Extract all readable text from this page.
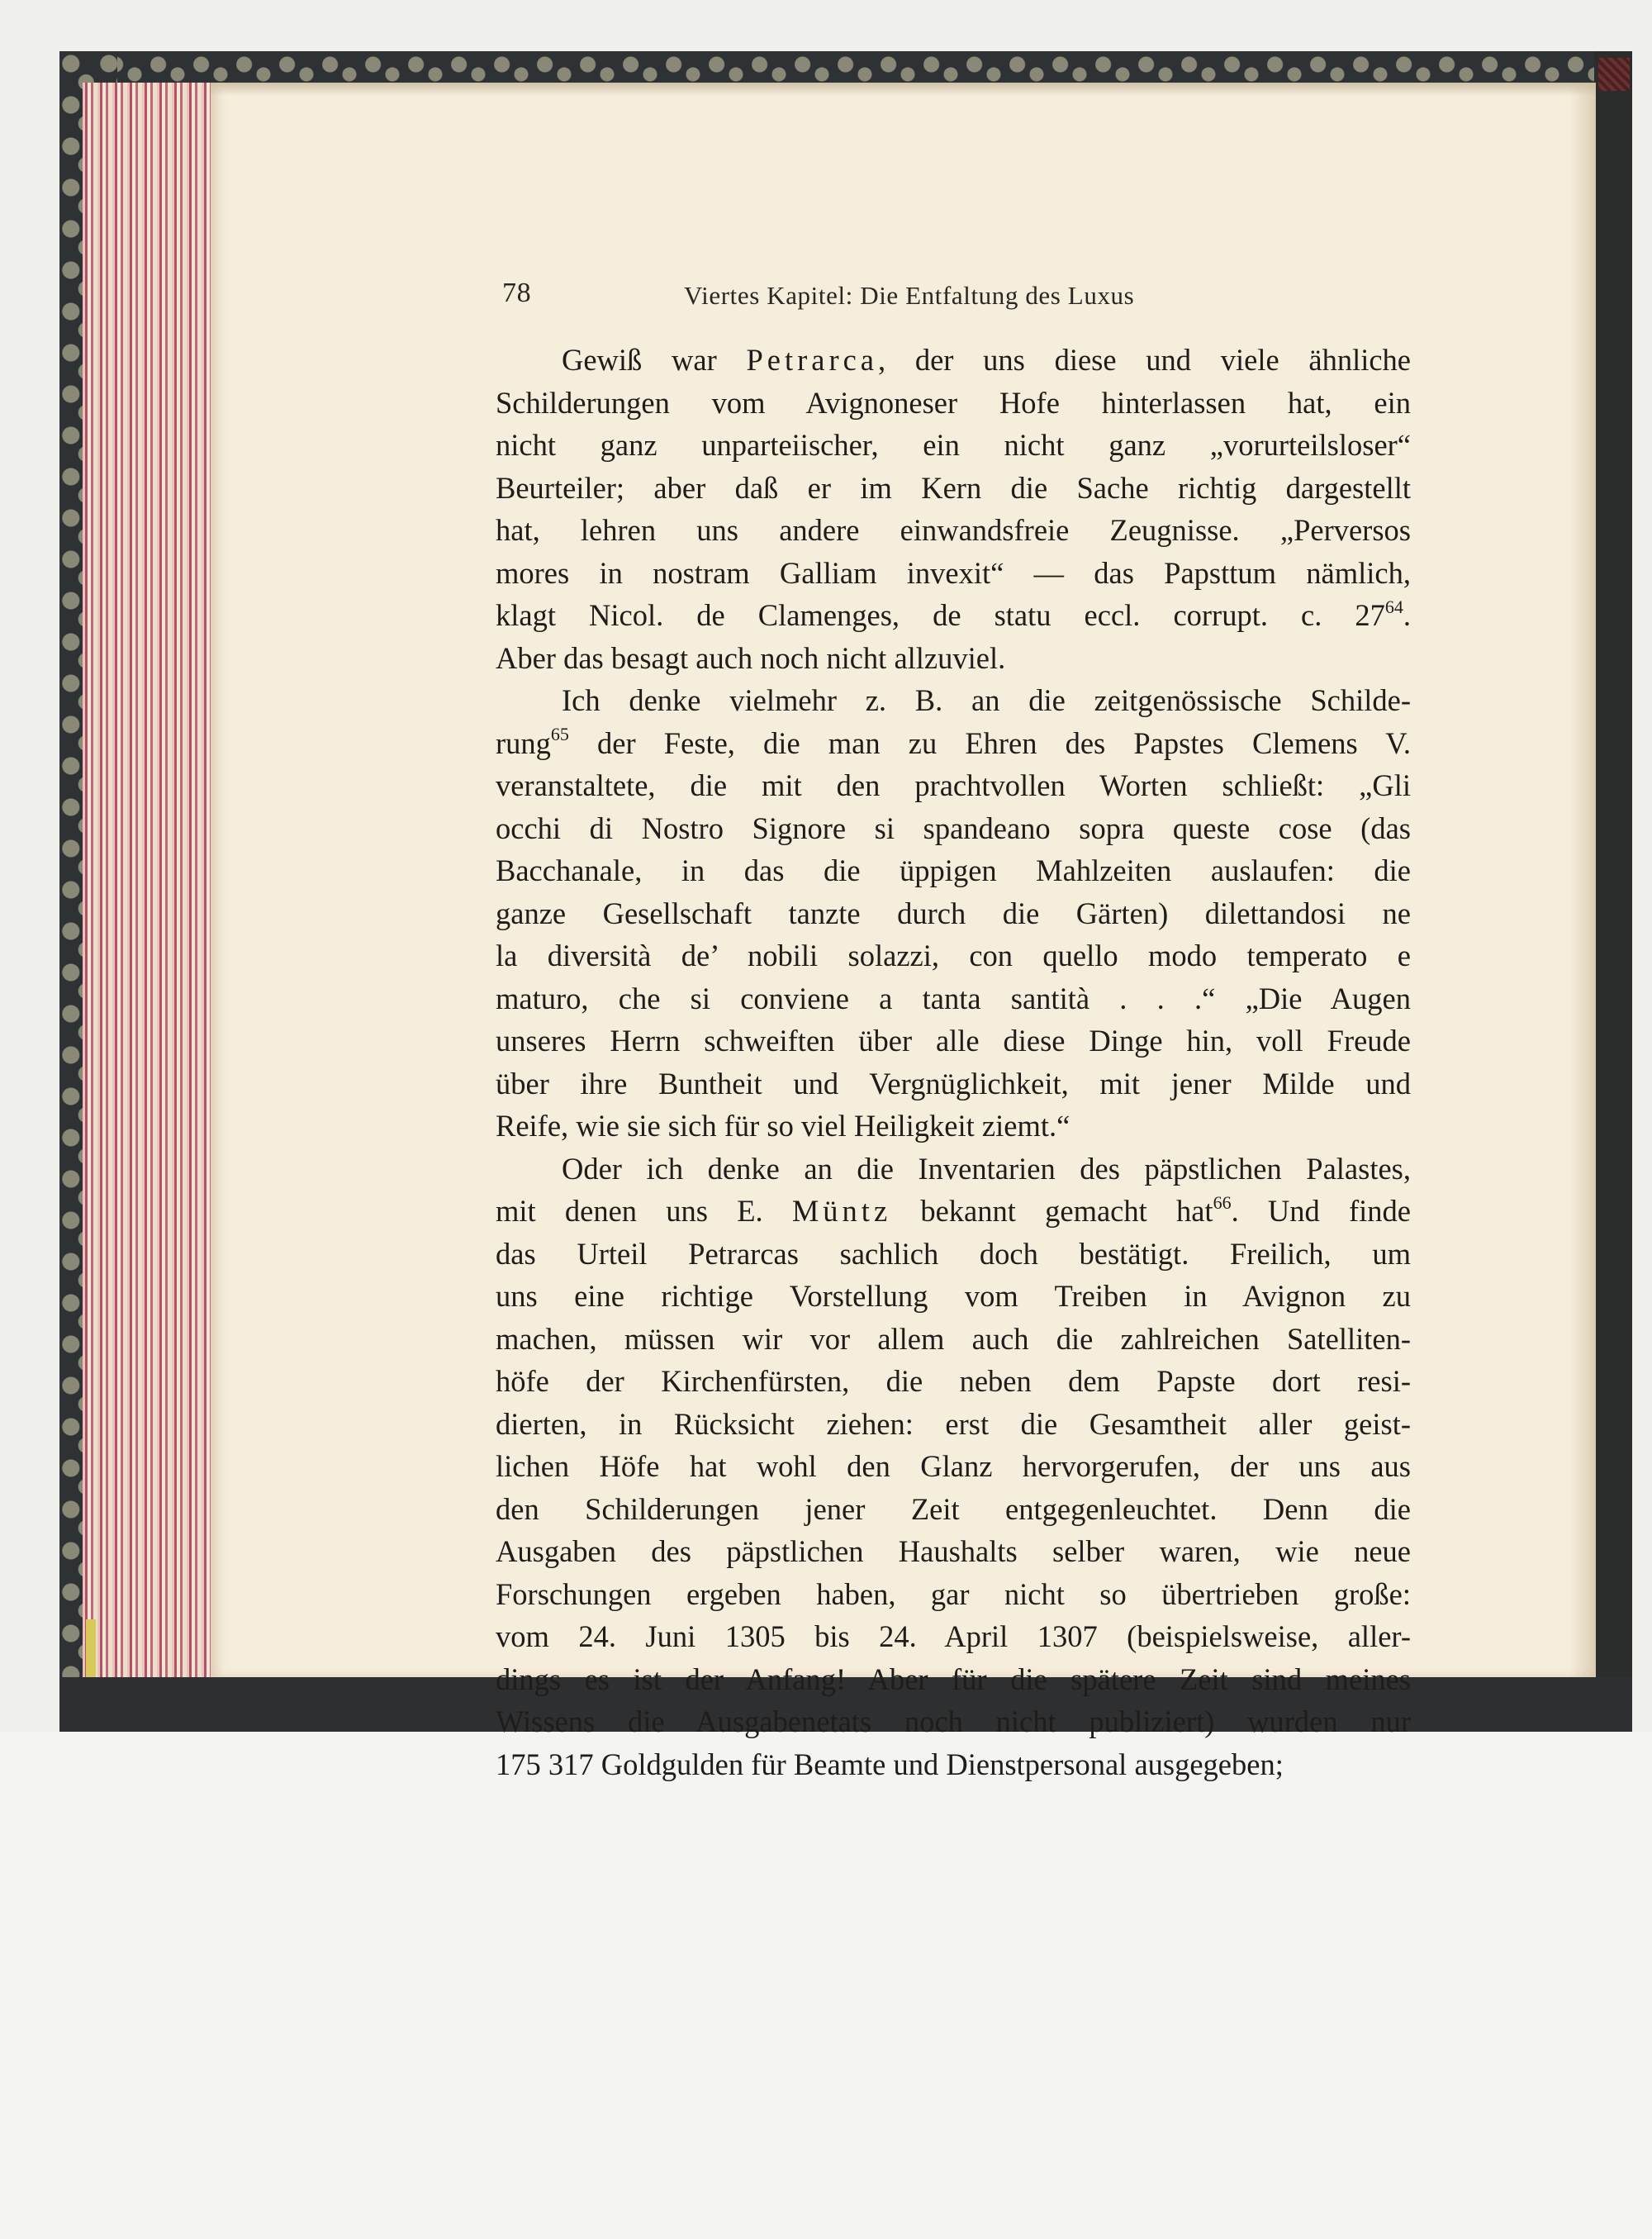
78	Viertes Kapitel: Die Entfaltung des Luxus
Gewiß war Petrarca, der uns diese und viele ähnliche
Schilderungen vom Avignoneser Hofe hinterlassen hat, ein
nicht ganz unparteiischer, ein nicht ganz „vorurteilsloser“
Beurteiler; aber daß er im Kern die Sache richtig dargestellt
hat, lehren uns andere einwandsfreie Zeugnisse. „Perversos
mores in nostram Galliam invexit“ — das Papsttum nämlich,
klagt Nicol. de Clamenges, de statu eccl. corrupt. c. $27^{64}$.
Aber das besagt auch noch nicht allzuviel.
Ich denke vielmehr z. B. an die zeitgenössische Schilde-
rung$^{65}$ der Feste, die man zu Ehren des Papstes Clemens V.
veranstaltete, die mit den prachtvollen Worten schließt: „Gli
occhi di Nostro Signore si spandeano sopra queste cose (das
Bacchanale, in das die üppigen Mahlzeiten auslaufen: die
ganze Gesellschaft tanzte durch die Gärten) dilettandosi ne
la diversità de’ nobili solazzi, con quello modo temperato e
maturo, che si conviene a tanta santità . . .“ „Die Augen
unseres Herrn schweiften über alle diese Dinge hin, voll Freude
über ihre Buntheit und Vergnüglichkeit, mit jener Milde und
Reife, wie sie sich für so viel Heiligkeit ziemt.“
Oder ich denke an die Inventarien des päpstlichen Palastes,
mit denen uns E. Müntz bekannt gemacht hat$^{66}$. Und finde
das Urteil Petrarcas sachlich doch bestätigt. Freilich, um
uns eine richtige Vorstellung vom Treiben in Avignon zu
machen, müssen wir vor allem auch die zahlreichen Satelliten-
höfe der Kirchenfürsten, die neben dem Papste dort resi-
dierten, in Rücksicht ziehen: erst die Gesamtheit aller geist-
lichen Höfe hat wohl den Glanz hervorgerufen, der uns aus
den Schilderungen jener Zeit entgegenleuchtet. Denn die
Ausgaben des päpstlichen Haushalts selber waren, wie neue
Forschungen ergeben haben, gar nicht so übertrieben große:
vom 24. Juni 1305 bis 24. April 1307 (beispielsweise, aller-
dings es ist der Anfang! Aber für die spätere Zeit sind meines
Wissens die Ausgabenetats noch nicht publiziert) wurden nur
175 317 Goldgulden für Beamte und Dienstpersonal ausgegeben;
